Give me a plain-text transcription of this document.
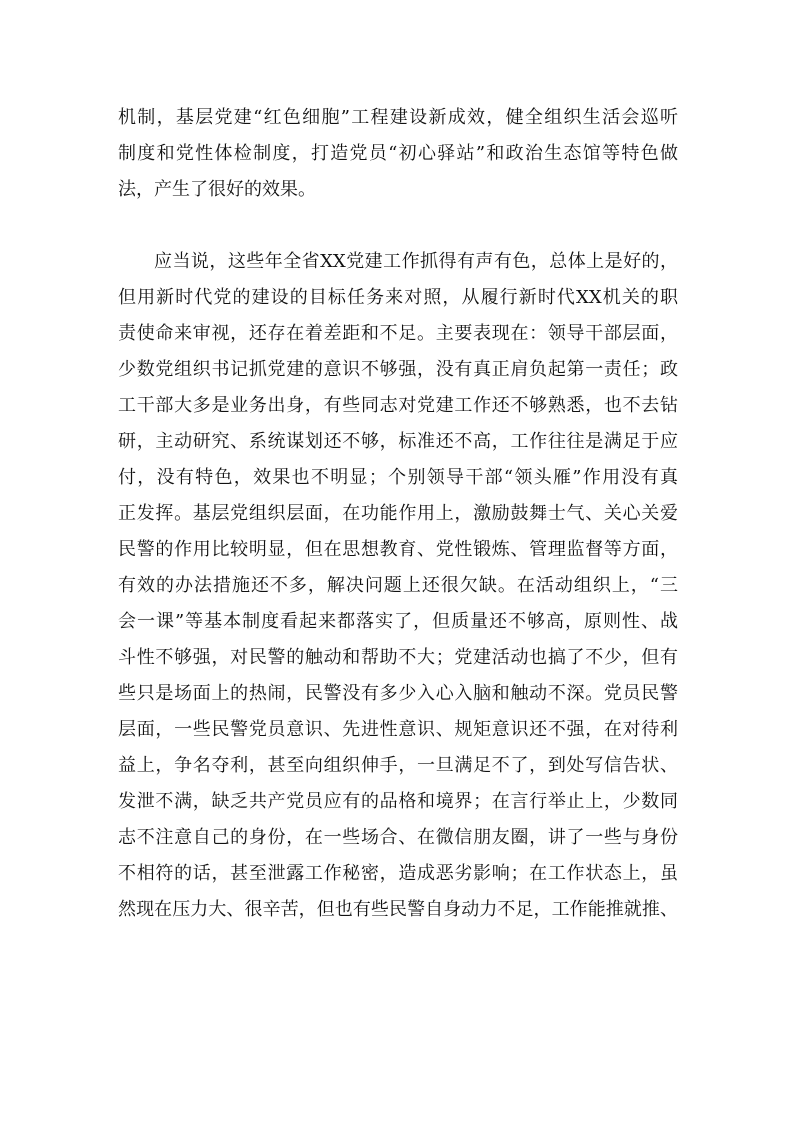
机制，基层党建“红色细胞”工程建设新成效，健全组织生活会巡听
制度和党性体检制度，打造党员“初心驿站”和政治生态馆等特色做
法，产生了很好的效果。
应当说，这些年全省XX党建工作抓得有声有色，总体上是好的，
但用新时代党的建设的目标任务来对照，从履行新时代XX机关的职
责使命来审视，还存在着差距和不足。主要表现在：领导干部层面，
少数党组织书记抓党建的意识不够强，没有真正肩负起第一责任；政
工干部大多是业务出身，有些同志对党建工作还不够熟悉，也不去钻
研，主动研究、系统谋划还不够，标准还不高，工作往往是满足于应
付，没有特色，效果也不明显；个别领导干部“领头雁”作用没有真
正发挥。基层党组织层面，在功能作用上，激励鼓舞士气、关心关爱
民警的作用比较明显，但在思想教育、党性锻炼、管理监督等方面，
有效的办法措施还不多，解决问题上还很欠缺。在活动组织上，“三
会一课”等基本制度看起来都落实了，但质量还不够高，原则性、战
斗性不够强，对民警的触动和帮助不大；党建活动也搞了不少，但有
些只是场面上的热闹，民警没有多少入心入脑和触动不深。党员民警
层面，一些民警党员意识、先进性意识、规矩意识还不强，在对待利
益上，争名夺利，甚至向组织伸手，一旦满足不了，到处写信告状、
发泄不满，缺乏共产党员应有的品格和境界；在言行举止上，少数同
志不注意自己的身份，在一些场合、在微信朋友圈，讲了一些与身份
不相符的话，甚至泄露工作秘密，造成恶劣影响；在工作状态上，虽
然现在压力大、很辛苦，但也有些民警自身动力不足，工作能推就推、
